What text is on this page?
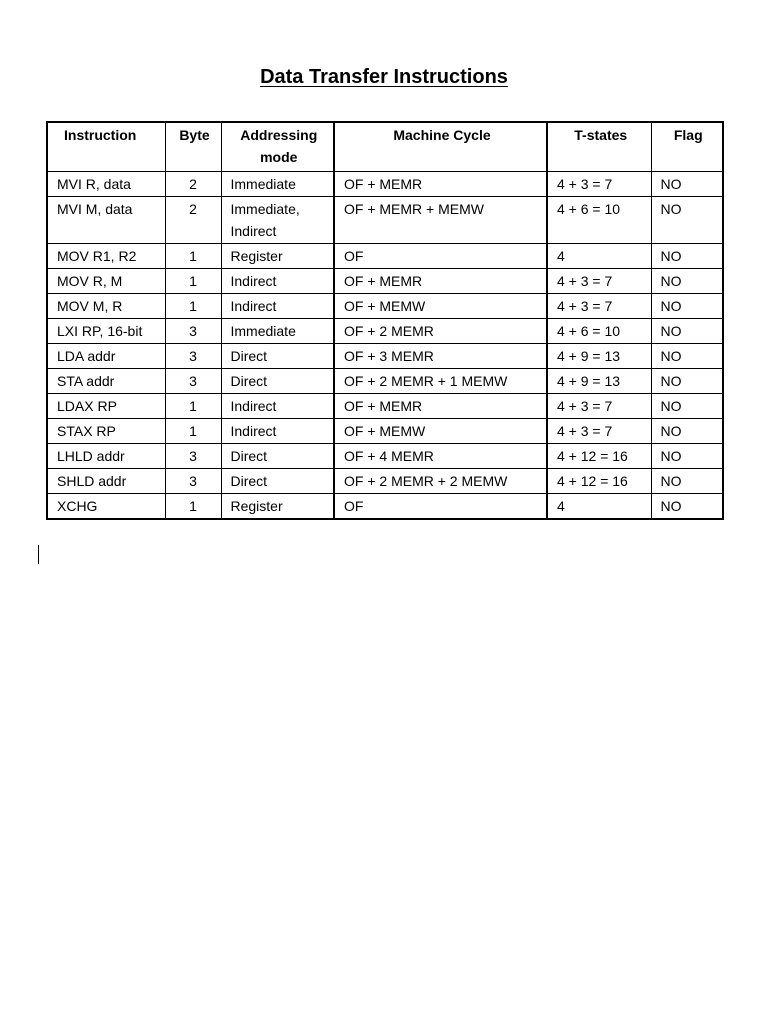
Data Transfer Instructions
Instruction	Byte	Addressing mode	Machine Cycle	T-states	Flag
MVI R, data	2	Immediate	OF + MEMR	4 + 3 = 7	NO
MVI M, data	2	Immediate, Indirect	OF + MEMR + MEMW	4 + 6 = 10	NO
MOV R1, R2	1	Register	OF	4	NO
MOV R, M	1	Indirect	OF + MEMR	4 + 3 = 7	NO
MOV M, R	1	Indirect	OF + MEMW	4 + 3 = 7	NO
LXI RP, 16-bit	3	Immediate	OF + 2 MEMR	4 + 6 = 10	NO
LDA addr	3	Direct	OF + 3 MEMR	4 + 9 = 13	NO
STA addr	3	Direct	OF + 2 MEMR + 1 MEMW	4 + 9 = 13	NO
LDAX RP	1	Indirect	OF + MEMR	4 + 3 = 7	NO
STAX RP	1	Indirect	OF + MEMW	4 + 3 = 7	NO
LHLD addr	3	Direct	OF + 4 MEMR	4 + 12 = 16	NO
SHLD addr	3	Direct	OF + 2 MEMR + 2 MEMW	4 + 12 = 16	NO
XCHG	1	Register	OF	4	NO
